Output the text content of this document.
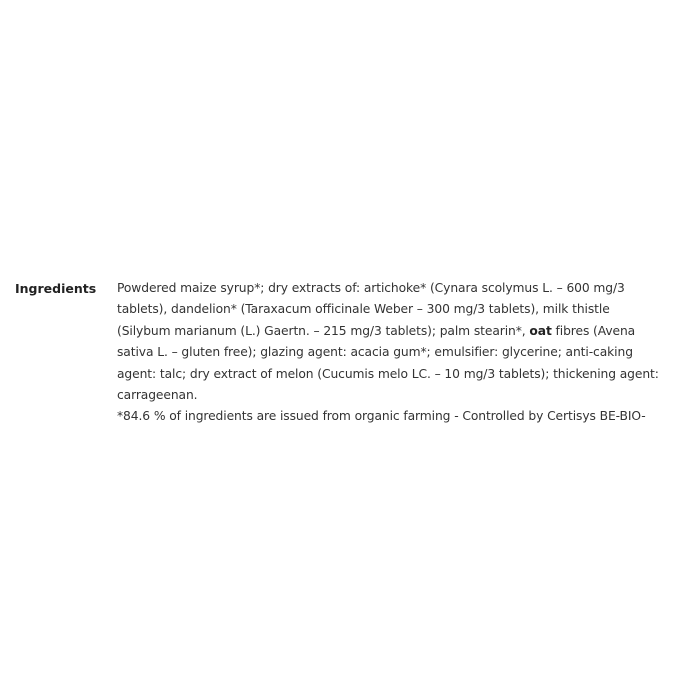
Ingredients	Powdered maize syrup*; dry extracts of: artichoke* (Cynara scolymus L. – 600 mg/3 tablets), dandelion* (Taraxacum officinale Weber – 300 mg/3 tablets), milk thistle (Silybum marianum (L.) Gaertn. – 215 mg/3 tablets); palm stearin*, oat fibres (Avena sativa L. – gluten free); glazing agent: acacia gum*; emulsifier: glycerine; anti-caking agent: talc; dry extract of melon (Cucumis melo LC. – 10 mg/3 tablets); thickening agent: carrageenan.

*84.6 % of ingredients are issued from organic farming - Controlled by Certisys BE-BIO-
